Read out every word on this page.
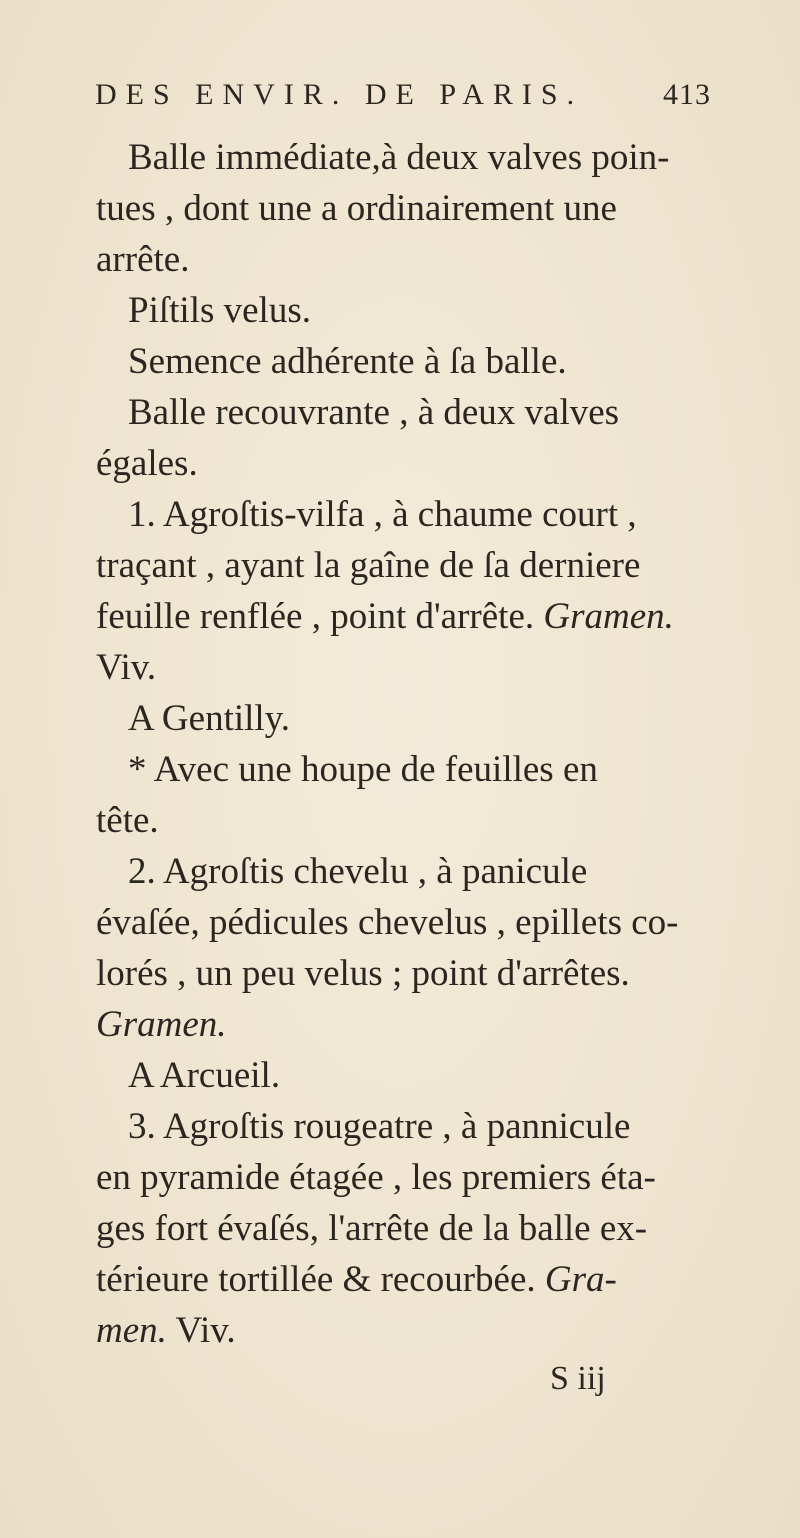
DES ENVIR. DE PARIS.	413
Balle immédiate,à deux valves poin-
tues , dont une a ordinairement une
arrête.
Piſtils velus.
Semence adhérente à ſa balle.
Balle recouvrante , à deux valves
égales.
1. Agroſtis-vilfa , à chaume court ,
traçant , ayant la gaîne de ſa derniere
feuille renflée , point d'arrête. Gramen.
Viv.
A Gentilly.
* Avec une houpe de feuilles en
tête.
2. Agroſtis chevelu , à panicule
évaſée, pédicules chevelus , epillets co-
lorés , un peu velus ; point d'arrêtes.
Gramen.
A Arcueil.
3. Agroſtis rougeatre , à pannicule
en pyramide étagée , les premiers éta-
ges fort évaſés, l'arrête de la balle ex-
térieure tortillée & recourbée. Gra-
men. Viv.
S iij
